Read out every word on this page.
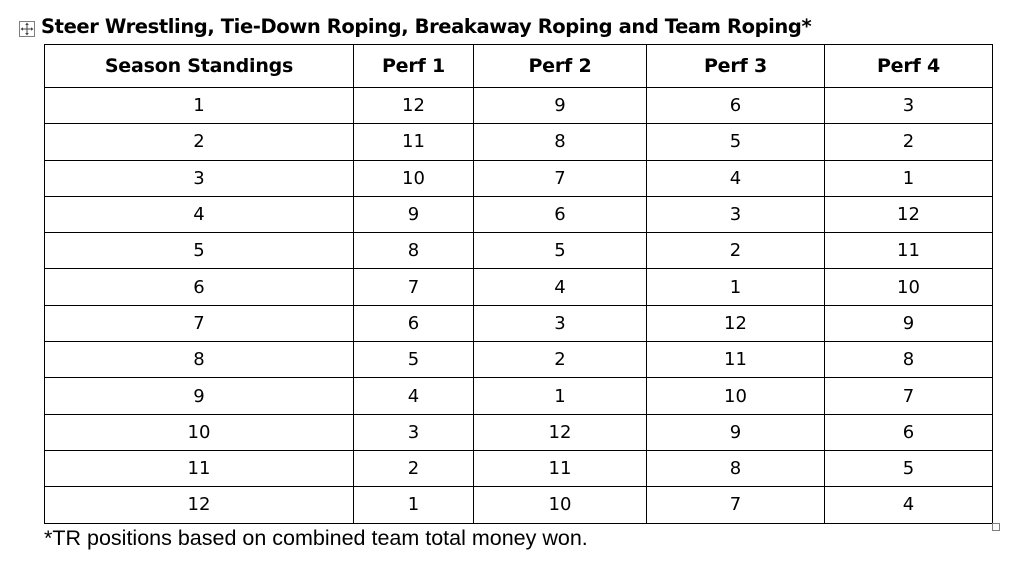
Steer Wrestling, Tie-Down Roping, Breakaway Roping and Team Roping*
Season Standings	Perf 1	Perf 2	Perf 3	Perf 4
1	12	9	6	3
2	11	8	5	2
3	10	7	4	1
4	9	6	3	12
5	8	5	2	11
6	7	4	1	10
7	6	3	12	9
8	5	2	11	8
9	4	1	10	7
10	3	12	9	6
11	2	11	8	5
12	1	10	7	4

*TR positions based on combined team total money won.
